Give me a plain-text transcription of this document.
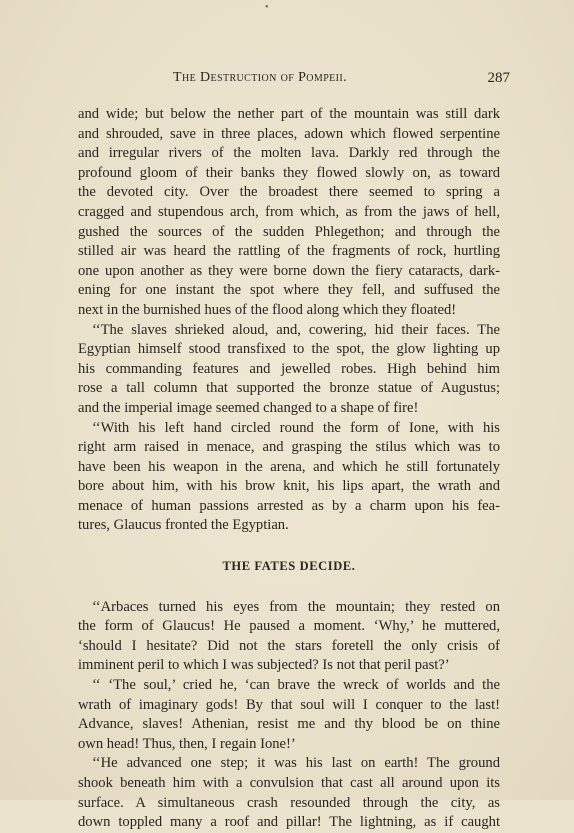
•
The Destruction of Pompeii.	287
and wide; but below the nether part of the mountain was still dark
and shrouded, save in three places, adown which flowed serpentine
and irregular rivers of the molten lava. Darkly red through the
profound gloom of their banks they flowed slowly on, as toward
the devoted city. Over the broadest there seemed to spring a
cragged and stupendous arch, from which, as from the jaws of hell,
gushed the sources of the sudden Phlegethon; and through the
stilled air was heard the rattling of the fragments of rock, hurtling
one upon another as they were borne down the fiery cataracts, dark-
ening for one instant the spot where they fell, and suffused the
next in the burnished hues of the flood along which they floated!
‘‘The slaves shrieked aloud, and, cowering, hid their faces. The
Egyptian himself stood transfixed to the spot, the glow lighting up
his commanding features and jewelled robes. High behind him
rose a tall column that supported the bronze statue of Augustus;
and the imperial image seemed changed to a shape of fire!
‘‘With his left hand circled round the form of Ione, with his
right arm raised in menace, and grasping the stilus which was to
have been his weapon in the arena, and which he still fortunately
bore about him, with his brow knit, his lips apart, the wrath and
menace of human passions arrested as by a charm upon his fea-
tures, Glaucus fronted the Egyptian.
THE FATES DECIDE.
‘‘Arbaces turned his eyes from the mountain; they rested on
the form of Glaucus! He paused a moment. ‘Why,’ he muttered,
‘should I hesitate? Did not the stars foretell the only crisis of
imminent peril to which I was subjected? Is not that peril past?’
‘‘ ‘The soul,’ cried he, ‘can brave the wreck of worlds and the
wrath of imaginary gods! By that soul will I conquer to the last!
Advance, slaves! Athenian, resist me and thy blood be on thine
own head! Thus, then, I regain Ione!’
‘‘He advanced one step; it was his last on earth! The ground
shook beneath him with a convulsion that cast all around upon its
surface. A simultaneous crash resounded through the city, as
down toppled many a roof and pillar! The lightning, as if caught
